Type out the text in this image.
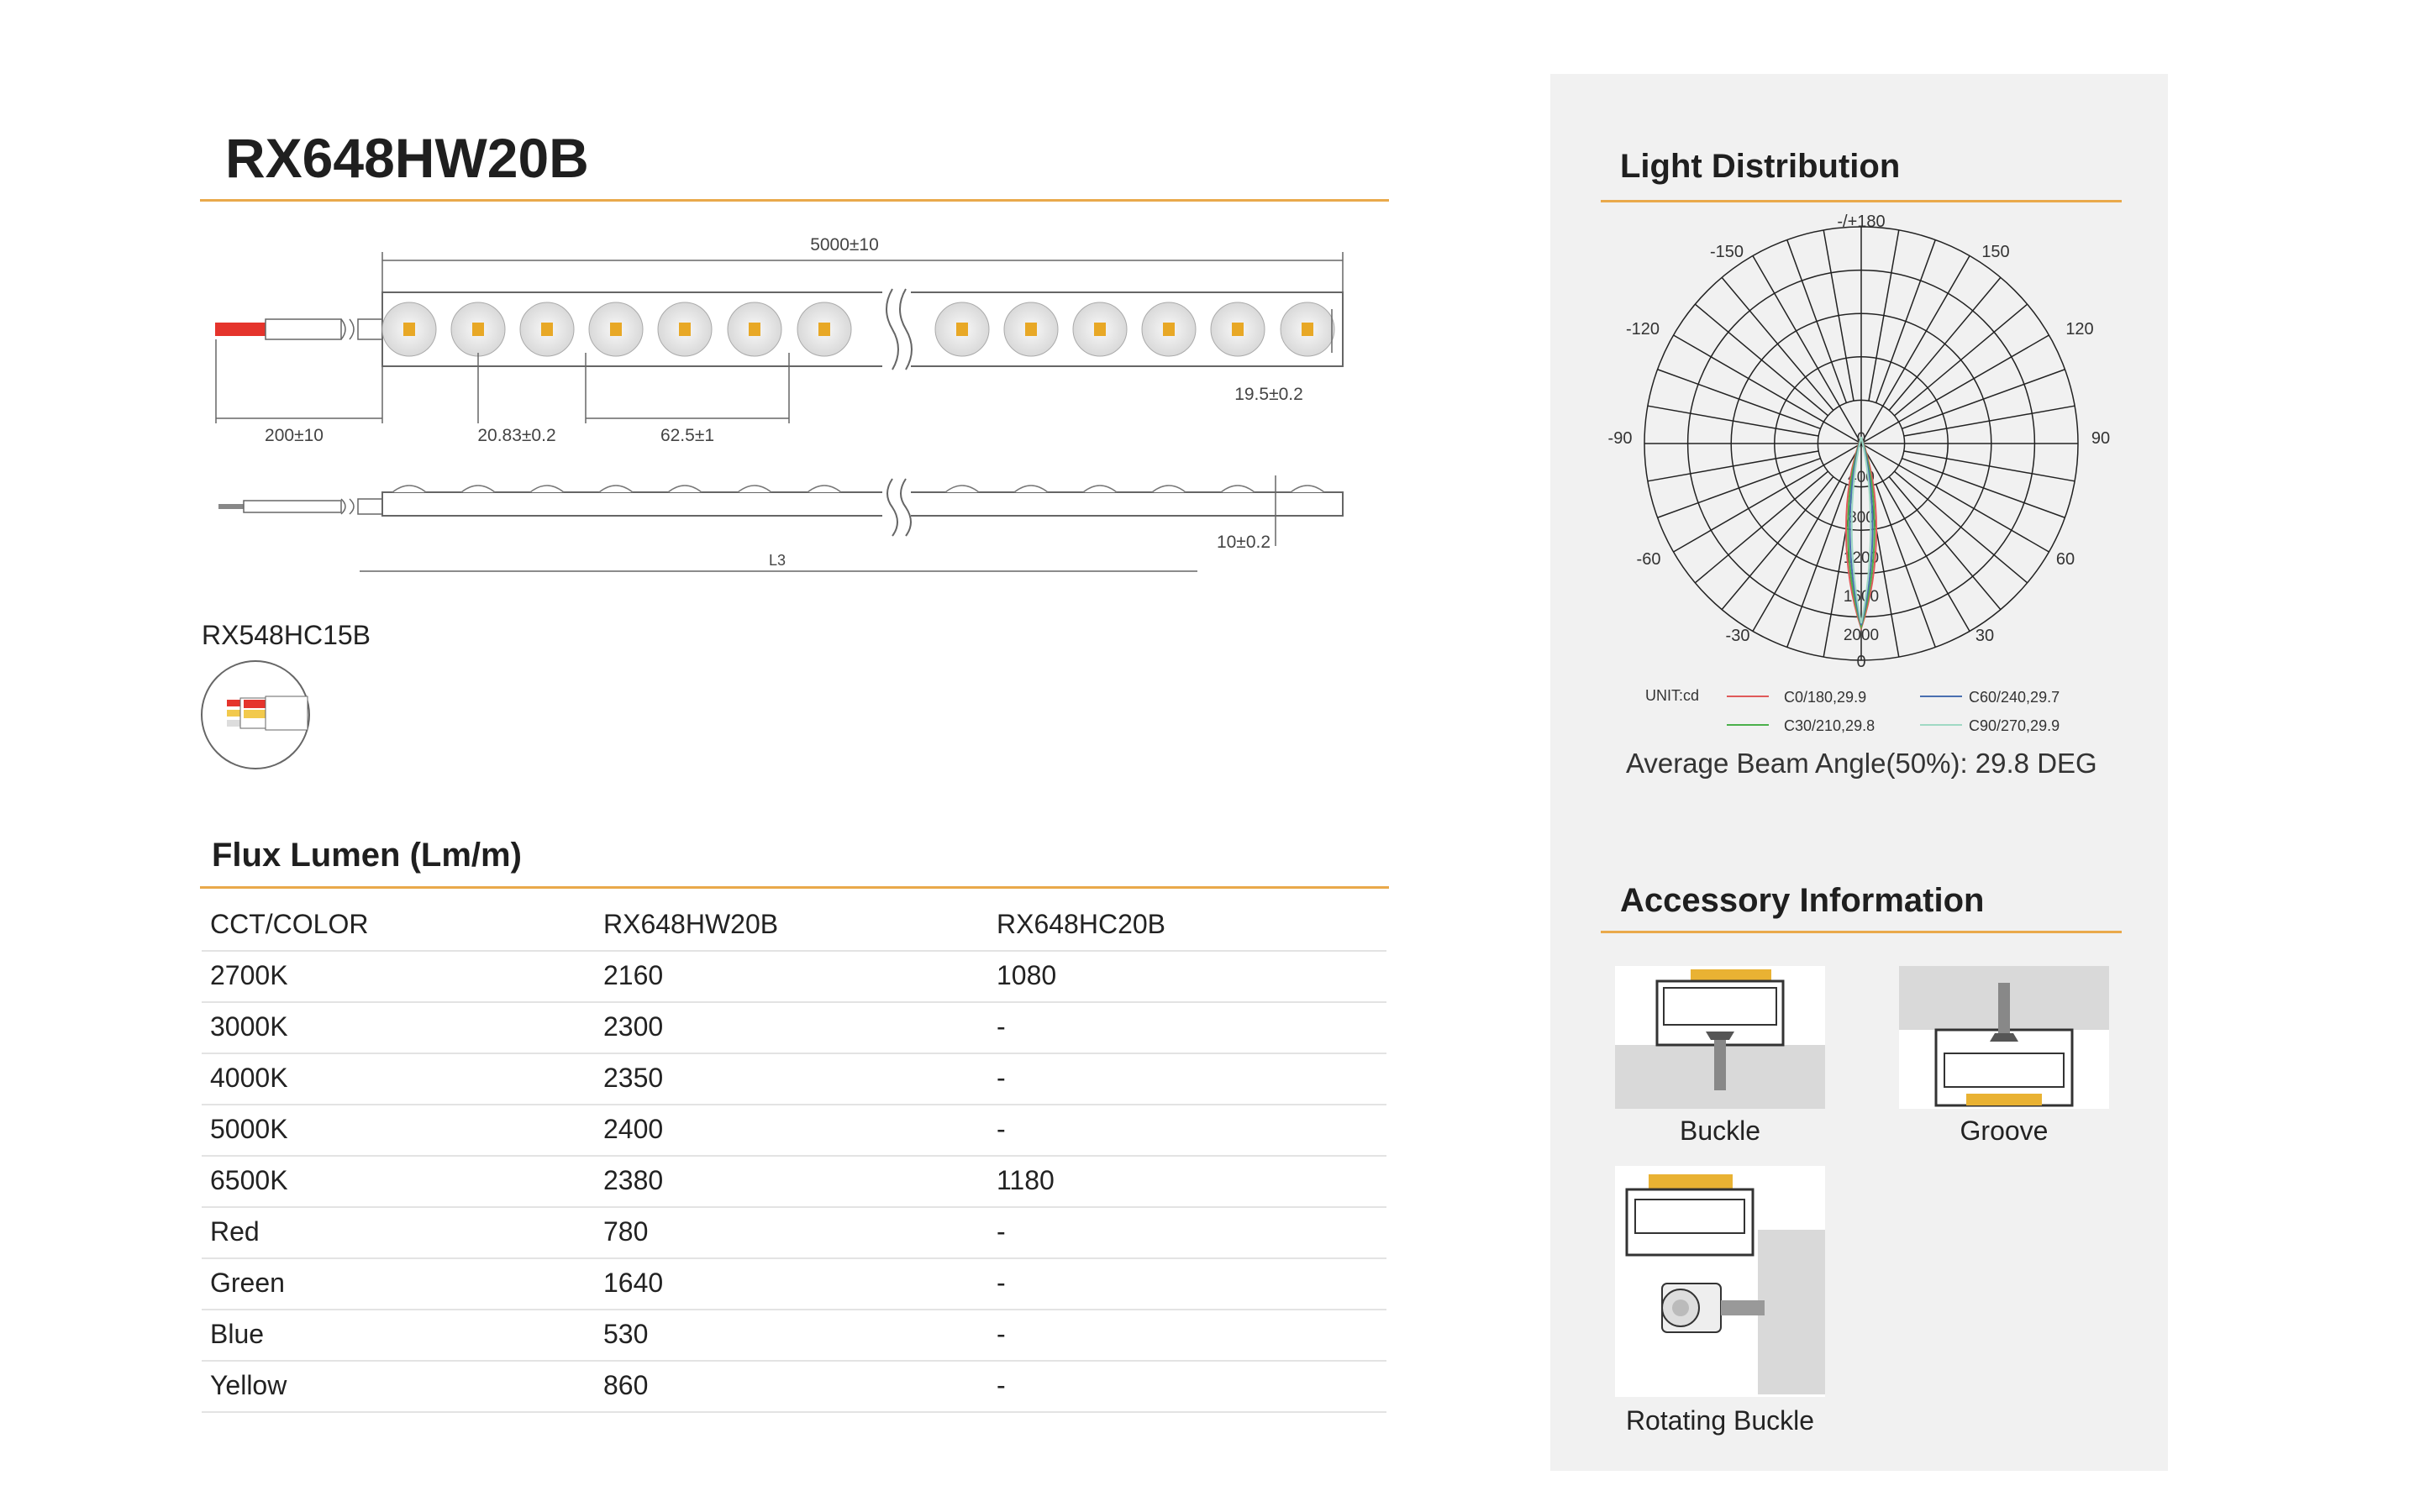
RX648HW20B
5000±10
19.5±0.2
200±10	20.83±0.2	62.5±1
10±0.2
L3
RX548HC15B
Flux Lumen (Lm/m)
CCT/COLOR	RX648HW20B	RX648HC20B
2700K	2160	1080
3000K	2300	-
4000K	2350	-
5000K	2400	-
6500K	2380	1180
Red	780	-
Green	1640	-
Blue	530	-
Yellow	860	-
Light Distribution
-/+180
-150	150
-120	120
-90	90
-60	60
-30	30
0
0
400
800
1200
1600
2000
UNIT:cd	C0/180,29.9	C60/240,29.7
C30/210,29.8	C90/270,29.9
Average Beam Angle(50%): 29.8 DEG
Accessory Information
Buckle	Groove
Rotating Buckle
